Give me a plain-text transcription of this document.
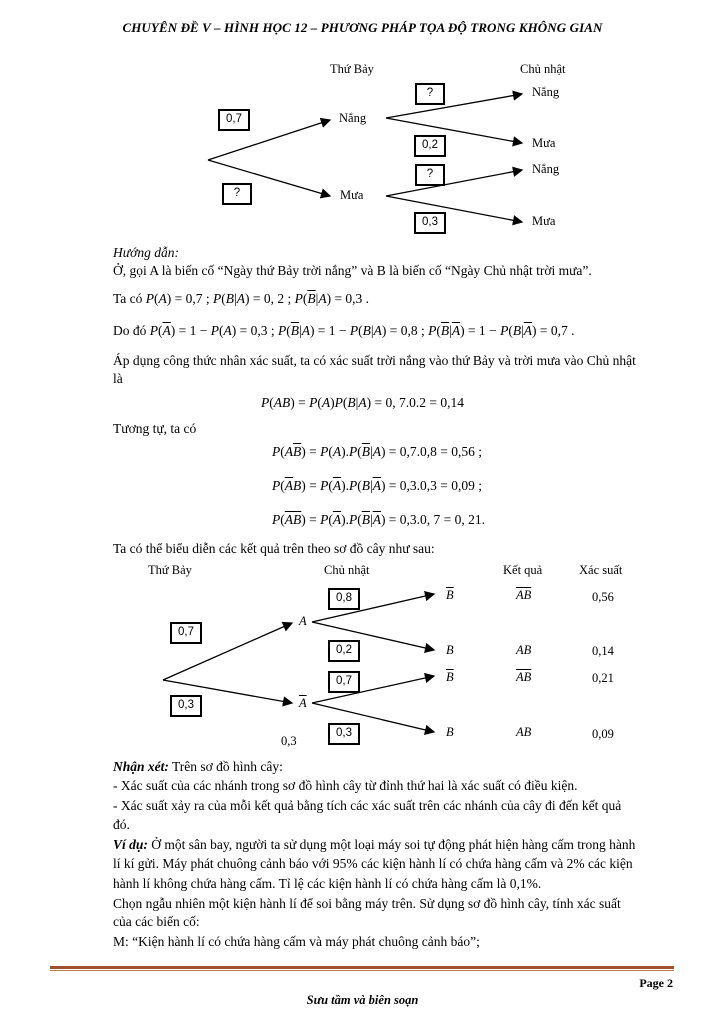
CHUYÊN ĐỀ V – HÌNH HỌC 12 – PHƯƠNG PHÁP TỌA ĐỘ TRONG KHÔNG GIAN
Thứ Bảy	Chủ nhật
0,7
?
Nắng
Mưa
?
0,2
?
0,3
Nắng
Mưa
Nắng
Mưa
Hướng dẫn:
Ở, gọi A là biến cố “Ngày thứ Bảy trời nắng” và B là biến cố “Ngày Chủ nhật trời mưa”.
Ta có P(A) = 0,7 ; P(B|A) = 0, 2 ; $P(\overline{B}|A) = 0,3$ .
Do đó $P(\overline{A}) = 1 - P(A) = 0,3$ ; $P(\overline{B}|A) = 1 - P(B|A) = 0,8$ ; $P(\overline{B}|\overline{A}) = 1 - P(B|\overline{A}) = 0,7$ .
Áp dụng công thức nhân xác suất, ta có xác suất trời nắng vào thứ Bảy và trời mưa vào Chủ nhật
là
P(AB) = P(A)P(B|A) = 0, 7.0.2 = 0,14
Tương tự, ta có
$P(A\overline{B}) = P(A).P(\overline{B}|A) = 0,7.0,8 = 0,56$ ;
$P(\overline{A}B) = P(\overline{A}).P(B|\overline{A}) = 0,3.0,3 = 0,09$ ;
$P(\overline{AB}) = P(\overline{A}).P(\overline{B}|\overline{A}) = 0,3.0$, 7 = 0, 21.
Ta có thể biểu diễn các kết quả trên theo sơ đồ cây như sau:
Thứ Bảy	Chủ nhật	Kết quả	Xác suất
0,7
0,3
A
$\overline{A}$
0,8
0,2
0,7
0,3
$\overline{B}$
B
$\overline{B}$
B
$\overline{AB}$
AB
$\overline{AB}$
AB
0,56
0,14
0,21
0,09
0,3
Nhận xét: Trên sơ đồ hình cây:
- Xác suất của các nhánh trong sơ đồ hình cây từ đỉnh thứ hai là xác suất có điều kiện.
- Xác suất xảy ra của mỗi kết quả bằng tích các xác suất trên các nhánh của cây đi đến kết quả
đó.
Ví dụ: Ở một sân bay, người ta sử dụng một loại máy soi tự động phát hiện hàng cấm trong hành
lí kí gửi. Máy phát chuông cảnh báo với 95% các kiện hành lí có chứa hàng cấm và 2% các kiện
hành lí không chứa hàng cấm. Tỉ lệ các kiện hành lí có chứa hàng cấm là 0,1%.
Chọn ngẫu nhiên một kiện hành lí để soi bằng máy trên. Sử dụng sơ đồ hình cây, tính xác suất
của các biến cố:
M: “Kiện hành lí có chứa hàng cấm và máy phát chuông cảnh báo”;
Page 2
Sưu tầm và biên soạn
